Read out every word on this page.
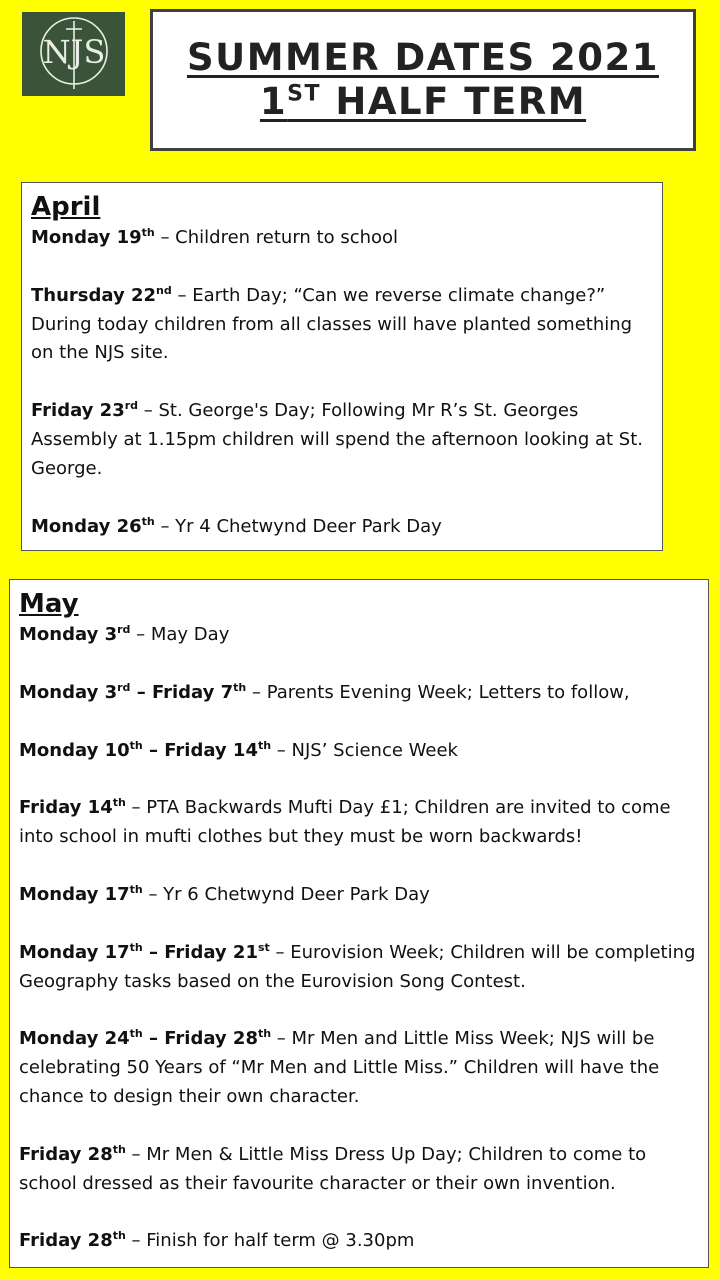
NJS SUMMER DATES 2021
1ST HALF TERM
April

Monday 19th – Children return to school

Thursday 22nd – Earth Day; “Can we reverse climate change?” During today children from all classes will have planted something on the NJS site.

Friday 23rd – St. George's Day; Following Mr R’s St. Georges Assembly at 1.15pm children will spend the afternoon looking at St. George.

Monday 26th – Yr 4 Chetwynd Deer Park Day

May

Monday 3rd – May Day

Monday 3rd – Friday 7th – Parents Evening Week; Letters to follow,

Monday 10th – Friday 14th – NJS’ Science Week

Friday 14th – PTA Backwards Mufti Day £1; Children are invited to come into school in mufti clothes but they must be worn backwards!

Monday 17th – Yr 6 Chetwynd Deer Park Day

Monday 17th – Friday 21st – Eurovision Week; Children will be completing Geography tasks based on the Eurovision Song Contest.

Monday 24th – Friday 28th – Mr Men and Little Miss Week; NJS will be celebrating 50 Years of “Mr Men and Little Miss.” Children will have the chance to design their own character.

Friday 28th – Mr Men & Little Miss Dress Up Day; Children to come to school dressed as their favourite character or their own invention.

Friday 28th – Finish for half term @ 3.30pm
